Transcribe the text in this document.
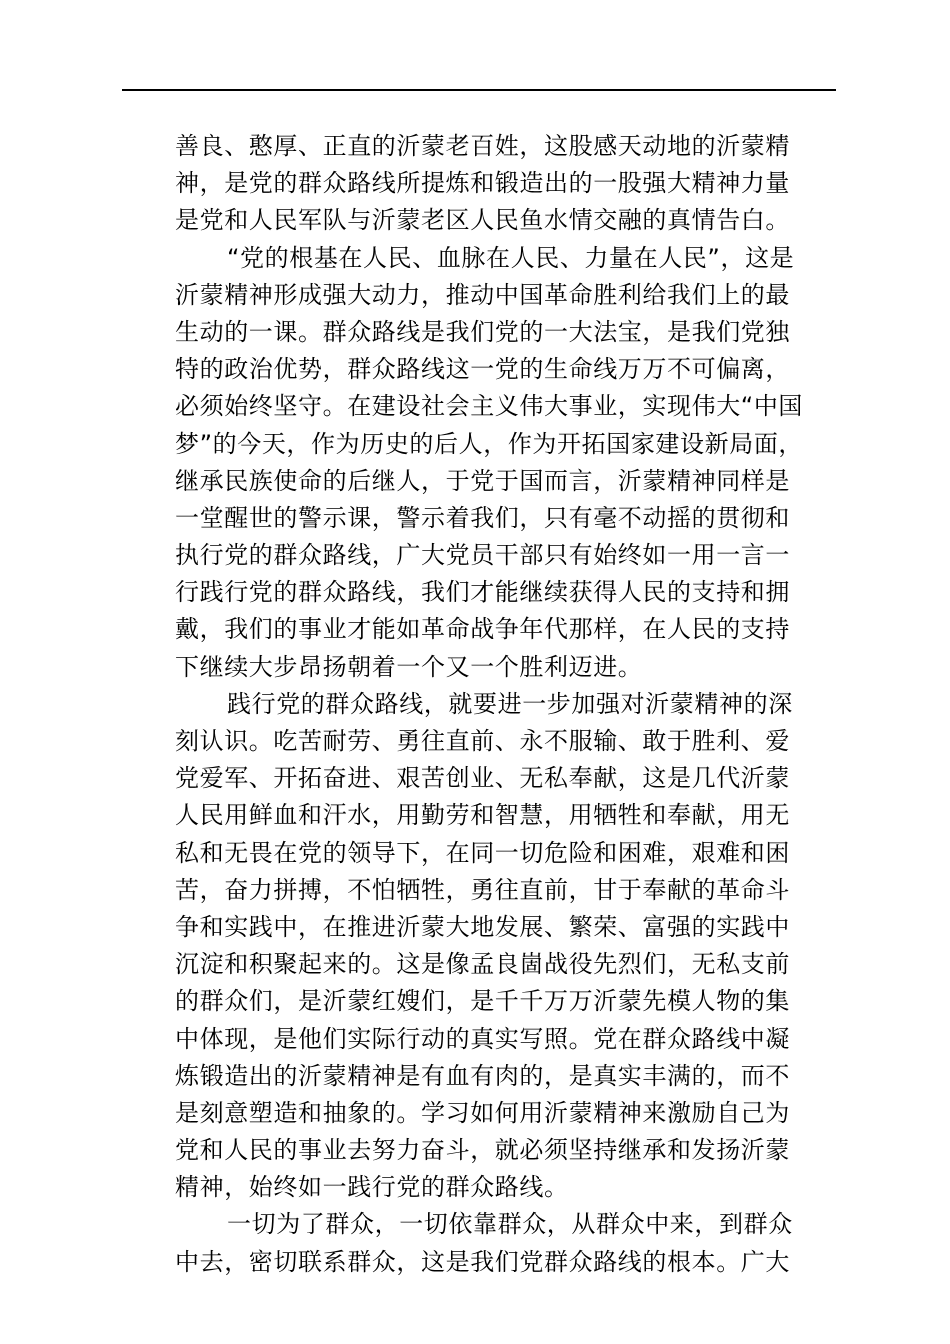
善良、憨厚、正直的沂蒙老百姓，这股感天动地的沂蒙精
神，是党的群众路线所提炼和锻造出的一股强大精神力量
是党和人民军队与沂蒙老区人民鱼水情交融的真情告白。
“党的根基在人民、血脉在人民、力量在人民”，这是
沂蒙精神形成强大动力，推动中国革命胜利给我们上的最
生动的一课。群众路线是我们党的一大法宝，是我们党独
特的政治优势，群众路线这一党的生命线万万不可偏离，
必须始终坚守。在建设社会主义伟大事业，实现伟大“中国
梦”的今天，作为历史的后人，作为开拓国家建设新局面，
继承民族使命的后继人，于党于国而言，沂蒙精神同样是
一堂醒世的警示课，警示着我们，只有毫不动摇的贯彻和
执行党的群众路线，广大党员干部只有始终如一用一言一
行践行党的群众路线，我们才能继续获得人民的支持和拥
戴，我们的事业才能如革命战争年代那样，在人民的支持
下继续大步昂扬朝着一个又一个胜利迈进。
践行党的群众路线，就要进一步加强对沂蒙精神的深
刻认识。吃苦耐劳、勇往直前、永不服输、敢于胜利、爱
党爱军、开拓奋进、艰苦创业、无私奉献，这是几代沂蒙
人民用鲜血和汗水，用勤劳和智慧，用牺牲和奉献，用无
私和无畏在党的领导下，在同一切危险和困难，艰难和困
苦，奋力拼搏，不怕牺牲，勇往直前，甘于奉献的革命斗
争和实践中，在推进沂蒙大地发展、繁荣、富强的实践中
沉淀和积聚起来的。这是像孟良崮战役先烈们，无私支前
的群众们，是沂蒙红嫂们，是千千万万沂蒙先模人物的集
中体现，是他们实际行动的真实写照。党在群众路线中凝
炼锻造出的沂蒙精神是有血有肉的，是真实丰满的，而不
是刻意塑造和抽象的。学习如何用沂蒙精神来激励自己为
党和人民的事业去努力奋斗，就必须坚持继承和发扬沂蒙
精神，始终如一践行党的群众路线。
一切为了群众，一切依靠群众，从群众中来，到群众
中去，密切联系群众，这是我们党群众路线的根本。广大
